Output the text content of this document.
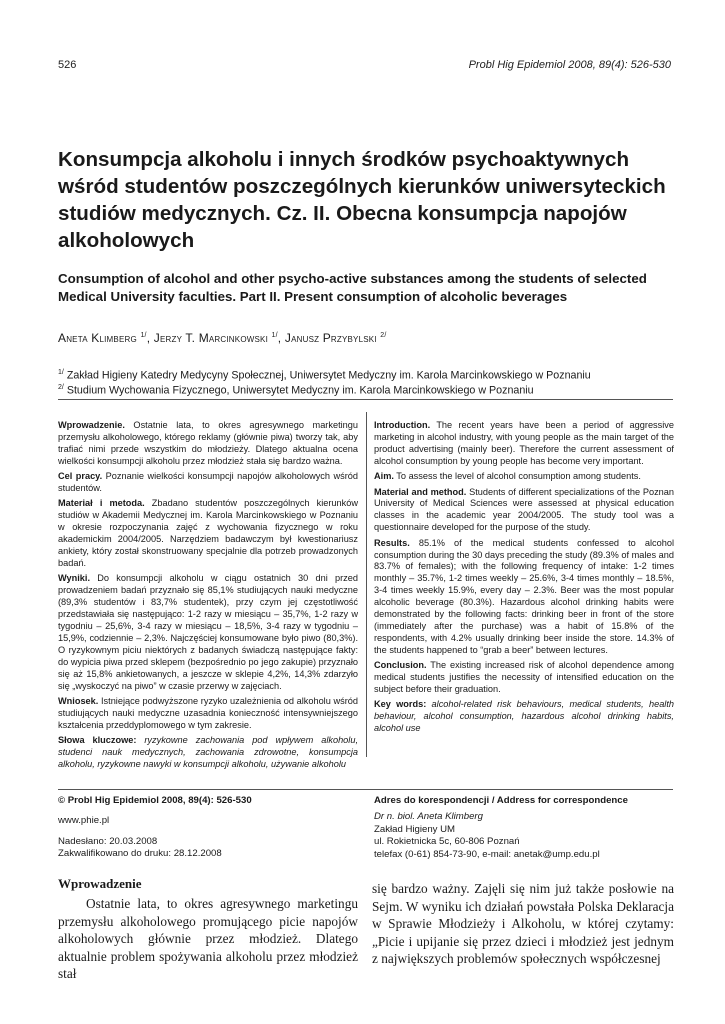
526	Probl Hig Epidemiol 2008, 89(4): 526-530
Konsumpcja alkoholu i innych środków psychoaktywnych wśród studentów poszczególnych kierunków uniwersyteckich studiów medycznych. Cz. II. Obecna konsumpcja napojów alkoholowych
Consumption of alcohol and other psycho-active substances among the students of selected Medical University faculties. Part II. Present consumption of alcoholic beverages
Aneta Klimberg $^{1/}$, Jerzy T. Marcinkowski $^{1/}$, Janusz Przybylski $^{2/}$
$^{1/}$ Zakład Higieny Katedry Medycyny Społecznej, Uniwersytet Medyczny im. Karola Marcinkowskiego w Poznaniu
$^{2/}$ Studium Wychowania Fizycznego, Uniwersytet Medyczny im. Karola Marcinkowskiego w Poznaniu

Wprowadzenie. Ostatnie lata, to okres agresywnego marketingu przemysłu alkoholowego, którego reklamy (głównie piwa) tworzy tak, aby trafiać nimi przede wszystkim do młodzieży. Dlatego aktualna ocena wielkości konsumpcji alkoholu przez młodzież stała się bardzo ważna.

Cel pracy. Poznanie wielkości konsumpcji napojów alkoholowych wśród studentów.

Materiał i metoda. Zbadano studentów poszczególnych kierunków studiów w Akademii Medycznej im. Karola Marcinkowskiego w Poznaniu w okresie rozpoczynania zajęć z wychowania fizycznego w roku akademickim 2004/2005. Narzędziem badawczym był kwestionariusz ankiety, który został skonstruowany specjalnie dla potrzeb prowadzonych badań.

Wyniki. Do konsumpcji alkoholu w ciągu ostatnich 30 dni przed prowadzeniem badań przyznało się 85,1% studiujących nauki medyczne (89,3% studentów i 83,7% studentek), przy czym jej częstotliwość przedstawiała się następująco: 1-2 razy w miesiącu – 35,7%, 1-2 razy w tygodniu – 25,6%, 3-4 razy w miesiącu – 18,5%, 3-4 razy w tygodniu – 15,9%, codziennie – 2,3%. Najczęściej konsumowane było piwo (80,3%). O ryzykownym piciu niektórych z badanych świadczą następujące fakty: do wypicia piwa przed sklepem (bezpośrednio po jego zakupie) przyznało się aż 15,8% ankietowanych, a jeszcze w sklepie 4,2%, 14,3% zdarzyło się „wyskoczyć na piwo” w czasie przerwy w zajęciach.

Wniosek. Istniejące podwyższone ryzyko uzależnienia od alkoholu wśród studiujących nauki medyczne uzasadnia konieczność intensywniejszego kształcenia przeddyplomowego w tym zakresie.

Słowa kluczowe: ryzykowne zachowania pod wpływem alkoholu, studenci nauk medycznych, zachowania zdrowotne, konsumpcja alkoholu, ryzykowne nawyki w konsumpcji alkoholu, używanie alkoholu

Introduction. The recent years have been a period of aggressive marketing in alcohol industry, with young people as the main target of the product advertising (mainly beer). Therefore the current assessment of alcohol consumption by young people has become very important.

Aim. To assess the level of alcohol consumption among students.

Material and method. Students of different specializations of the Poznan University of Medical Sciences were assessed at physical education classes in the academic year 2004/2005. The study tool was a questionnaire developed for the purpose of the study.

Results. 85.1% of the medical students confessed to alcohol consumption during the 30 days preceding the study (89.3% of males and 83.7% of females); with the following frequency of intake: 1-2 times monthly – 35.7%, 1-2 times weekly – 25.6%, 3-4 times monthly – 18.5%, 3-4 times weekly 15.9%, every day – 2.3%. Beer was the most popular alcoholic beverage (80.3%). Hazardous alcohol drinking habits were demonstrated by the following facts: drinking beer in front of the store (immediately after the purchase) was a habit of 15.8% of the respondents, with 4.2% usually drinking beer inside the store. 14.3% of the students happened to “grab a beer” between lectures.

Conclusion. The existing increased risk of alcohol dependence among medical students justifies the necessity of intensified education on the subject before their graduation.

Key words: alcohol-related risk behaviours, medical students, health behaviour, alcohol consumption, hazardous alcohol drinking habits, alcohol use

© Probl Hig Epidemiol 2008, 89(4): 526-530
www.phie.pl
Nadesłano: 20.03.2008
Zakwalifikowano do druku: 28.12.2008
Adres do korespondencji / Address for correspondence
Dr n. biol. Aneta Klimberg
Zakład Higieny UM
ul. Rokietnicka 5c, 60-806 Poznań
telefax (0-61) 854-73-90, e-mail: anetak@ump.edu.pl
Wprowadzenie

Ostatnie lata, to okres agresywnego marketingu przemysłu alkoholowego promującego picie napojów alkoholowych głównie przez młodzież. Dlatego aktualnie problem spożywania alkoholu przez młodzież stał

się bardzo ważny. Zajęli się nim już także posłowie na Sejm. W wyniku ich działań powstała Polska Deklaracja w Sprawie Młodzieży i Alkoholu, w której czytamy: „Picie i upijanie się przez dzieci i młodzież jest jednym z największych problemów społecznych współczesnej
